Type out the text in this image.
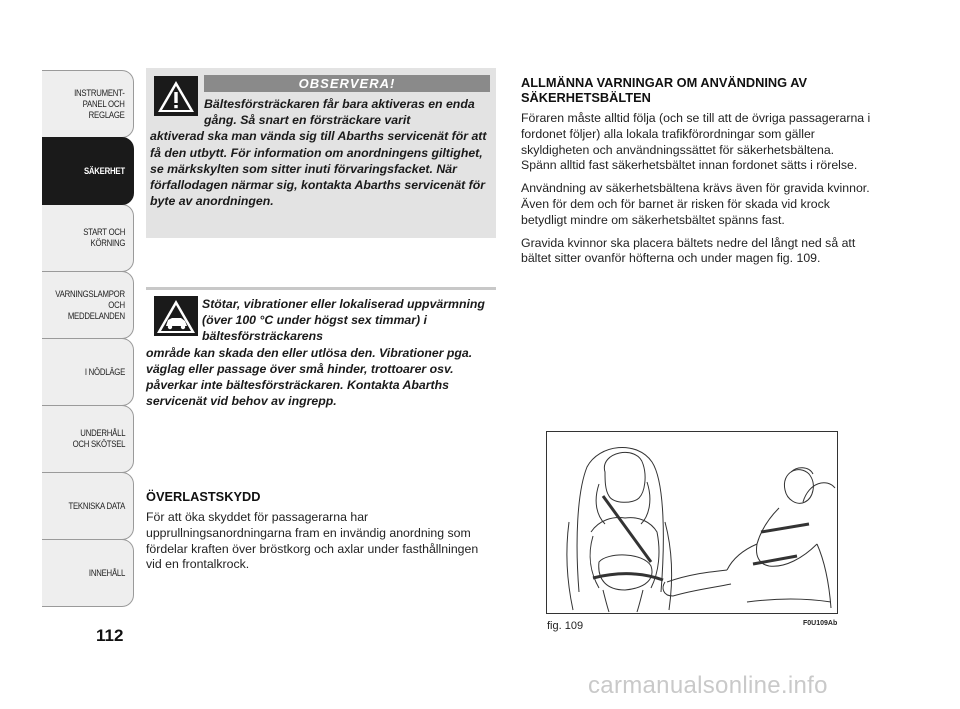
INSTRUMENT-
PANEL OCH
REGLAGE
SÄKERHET
START OCH
KÖRNING
VARNINGSLAMPOR
OCH
MEDDELANDEN
I NÖDLÄGE
UNDERHÅLL
OCH SKÖTSEL
TEKNISKA DATA
INNEHÅLL
112
OBSERVERA!
Bältesförsträckaren får bara aktiveras en enda gång. Så snart en försträckare varit
aktiverad ska man vända sig till Abarths servicenät för att få den utbytt. För information om anordningens giltighet, se märkskylten som sitter inuti förvaringsfacket. När förfallodagen närmar sig, kontakta Abarths servicenät för byte av anordningen.
Stötar, vibrationer eller lokaliserad uppvärmning (över 100 °C under högst sex timmar) i bältesförsträckarens
område kan skada den eller utlösa den. Vibrationer pga. väglag eller passage över små hinder, trottoarer osv. påverkar inte bältesförsträckaren. Kontakta Abarths servicenät vid behov av ingrepp.
ÖVERLASTSKYDD

För att öka skyddet för passagerarna har upprullningsanordningarna fram en invändig anordning som fördelar kraften över bröstkorg och axlar under fasthållningen vid en frontalkrock.

ALLMÄNNA VARNINGAR OM ANVÄNDNING AV SÄKERHETSBÄLTEN

Föraren måste alltid följa (och se till att de övriga passagerarna i fordonet följer) alla lokala trafikförordningar som gäller skyldigheten och användningssättet för säkerhetsbältena. Spänn alltid fast säkerhetsbältet innan fordonet sätts i rörelse.

Användning av säkerhetsbältena krävs även för gravida kvinnor. Även för dem och för barnet är risken för skada vid krock betydligt mindre om säkerhetsbältet spänns fast.

Gravida kvinnor ska placera bältets nedre del långt ned så att bältet sitter ovanför höfterna och under magen fig. 109.

fig. 109	F0U109Ab
carmanualsonline.info
